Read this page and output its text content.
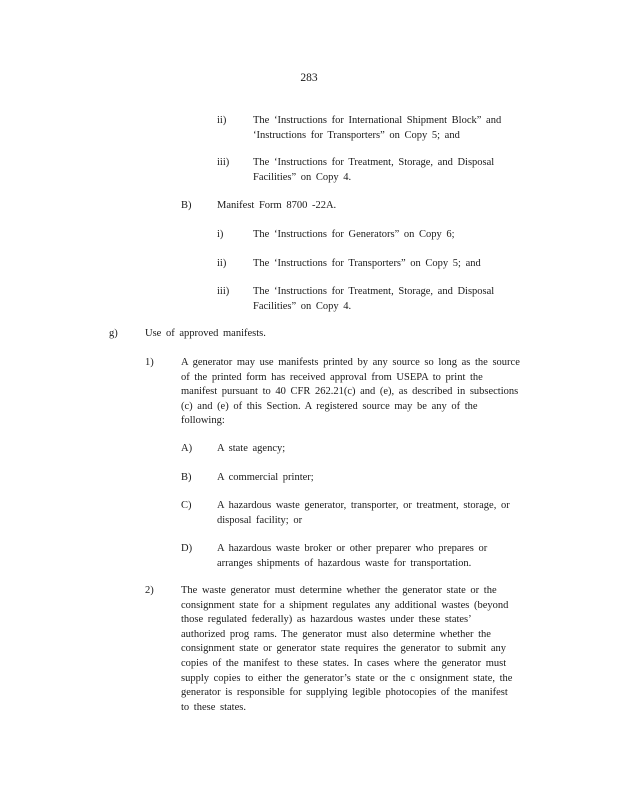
283
ii)	The ‘Instructions for International Shipment Block” and
‘Instructions for Transporters” on Copy 5; and
iii) The ‘Instructions for Treatment, Storage, and Disposal
Facilities” on Copy 4.
B) Manifest Form 8700 -22A.
i)	The ‘Instructions for Generators” on Copy 6;
ii)	The ‘Instructions for Transporters” on Copy 5; and
iii) The ‘Instructions for Treatment, Storage, and Disposal
Facilities” on Copy 4.
g)	Use of approved manifests.
1)	A generator may use manifests printed by any source so long as the source
of the printed form has received approval from USEPA to print the
manifest pursuant to 40 CFR 262.21(c) and (e), as described in subsections
(c) and (e) of this Section. A registered source may be any of the
following:
A) A state agency;
B) A commercial printer;
C) A hazardous waste generator, transporter, or treatment, storage, or
disposal facility; or
D) A hazardous waste broker or other preparer who prepares or
arranges shipments of hazardous waste for transportation.
2)	The waste generator must determine whether the generator state or the
consignment state for a shipment regulates any additional wastes (beyond
those regulated federally) as hazardous wastes under these states’
authorized prog rams. The generator must also determine whether the
consignment state or generator state requires the generator to submit any
copies of the manifest to these states. In cases where the generator must
supply copies to either the generator’s state or the c onsignment state, the
generator is responsible for supplying legible photocopies of the manifest
to these states.
